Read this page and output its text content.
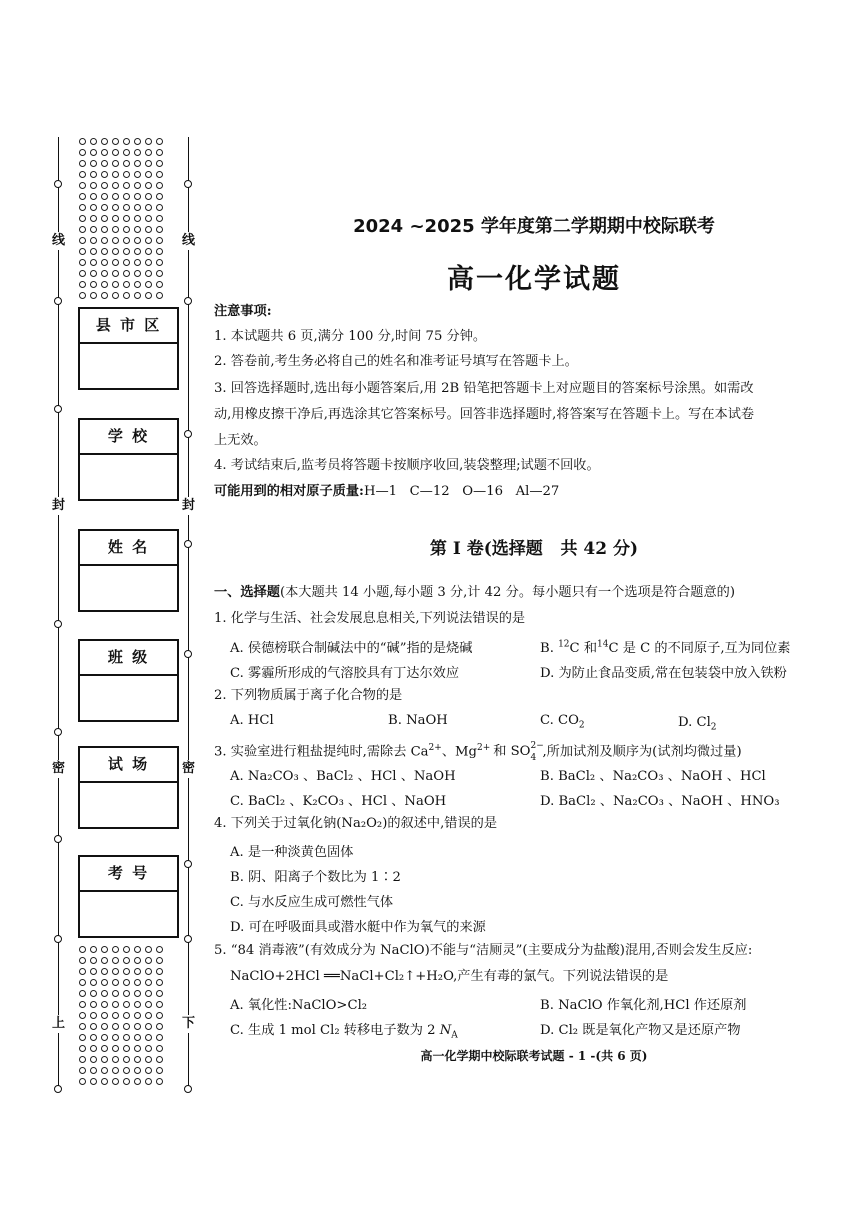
线
封
密
上
线
封
密
下
县 市 区
学 校
姓 名
班 级
试 场
考 号
2024 ~2025 学年度第二学期期中校际联考
高一化学试题
注意事项:
1. 本试题共 6 页,满分 100 分,时间 75 分钟。
2. 答卷前,考生务必将自己的姓名和准考证号填写在答题卡上。
3. 回答选择题时,选出每小题答案后,用 2B 铅笔把答题卡上对应题目的答案标号涂黑。如需改
动,用橡皮擦干净后,再选涂其它答案标号。回答非选择题时,将答案写在答题卡上。写在本试卷
上无效。
4. 考试结束后,监考员将答题卡按顺序收回,装袋整理;试题不回收。
可能用到的相对原子质量:H—1   C—12   O—16   Al—27
第 Ⅰ 卷(选择题   共 42 分)
一、选择题(本大题共 14 小题,每小题 3 分,计 42 分。每小题只有一个选项是符合题意的)
1. 化学与生活、社会发展息息相关,下列说法错误的是
A. 侯德榜联合制碱法中的“碱”指的是烧碱	B. $^{12}$C 和$^{14}$C 是 C 的不同原子,互为同位素
C. 雾霾所形成的气溶胶具有丁达尔效应	D. 为防止食品变质,常在包装袋中放入铁粉
2. 下列物质属于离子化合物的是
A. HCl	B. NaOH	C. $CO_2$	D. $Cl_2$
3. 实验室进行粗盐提纯时,需除去 $Ca^{2+}$、$Mg^{2+}$ 和 SO 2−
4 ,所加试剂及顺序为(试剂均微过量)
A. Na₂CO₃ 、BaCl₂ 、HCl 、NaOH	B. BaCl₂ 、Na₂CO₃ 、NaOH 、HCl
C. BaCl₂ 、K₂CO₃ 、HCl 、NaOH	D. BaCl₂ 、Na₂CO₃ 、NaOH 、HNO₃
4. 下列关于过氧化钠(Na₂O₂)的叙述中,错误的是
A. 是一种淡黄色固体
B. 阴、阳离子个数比为 1∶2
C. 与水反应生成可燃性气体
D. 可在呼吸面具或潜水艇中作为氧气的来源
5. “84 消毒液”(有效成分为 NaClO)不能与“洁厕灵”(主要成分为盐酸)混用,否则会发生反应:
NaClO+2HCl ══NaCl+Cl₂↑+H₂O,产生有毒的氯气。下列说法错误的是
A. 氧化性:NaClO>Cl₂	B. NaClO 作氧化剂,HCl 作还原剂
C. 生成 1 mol Cl₂ 转移电子数为 2 $N_A$	D. Cl₂ 既是氧化产物又是还原产物
高一化学期中校际联考试题 - 1 -(共 6 页)
